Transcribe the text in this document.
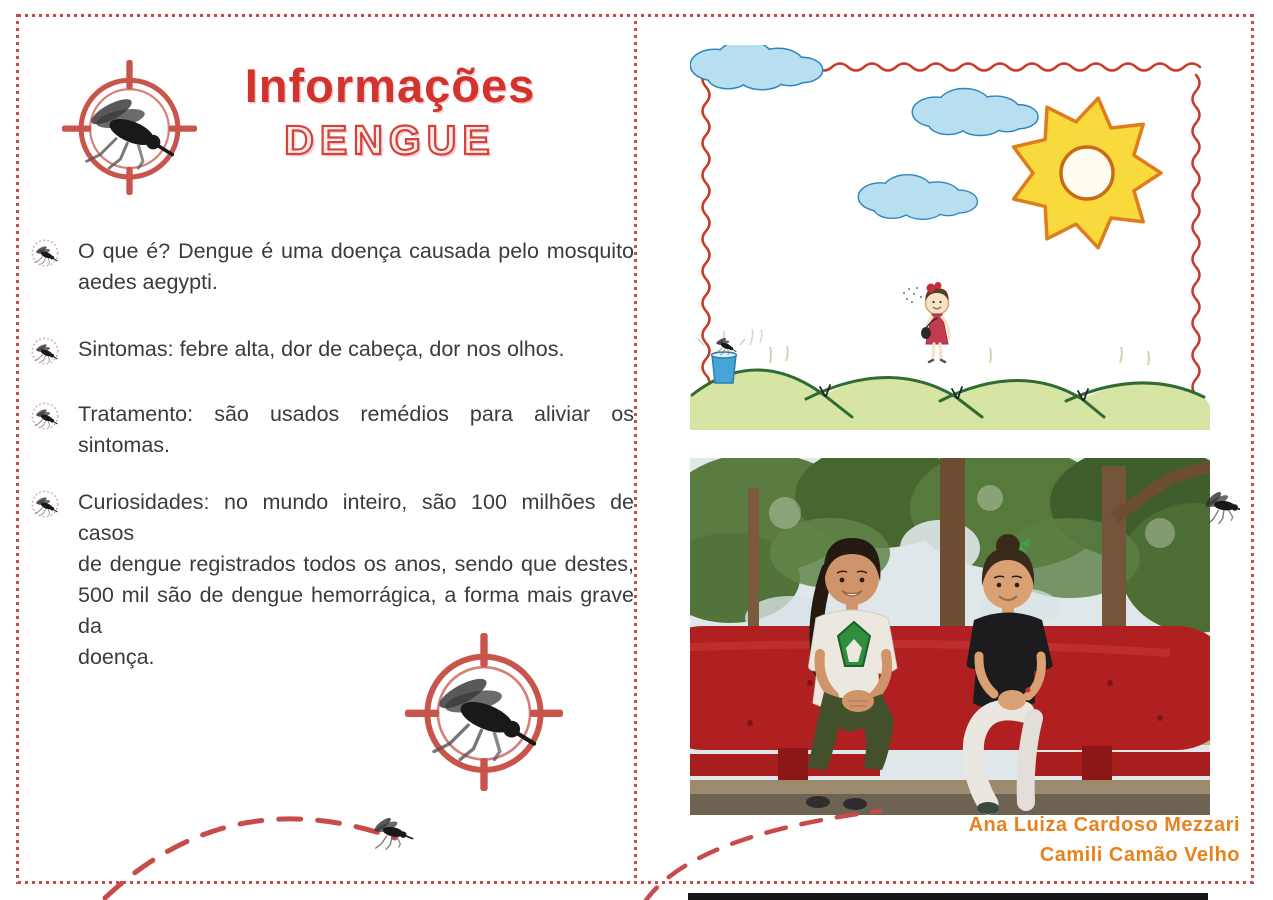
Informações
DENGUE
O que é? Dengue é uma doença causada pelo mosquito
aedes aegypti.
Sintomas: febre alta, dor de cabeça, dor nos olhos.
Tratamento: são usados remédios para aliviar os sintomas.
Curiosidades: no mundo inteiro, são 100 milhões de casos
de dengue registrados todos os anos, sendo que destes,
500 mil são de dengue hemorrágica, a forma mais grave da
doença.
Ana Luiza Cardoso Mezzari
Camili Camão Velho
